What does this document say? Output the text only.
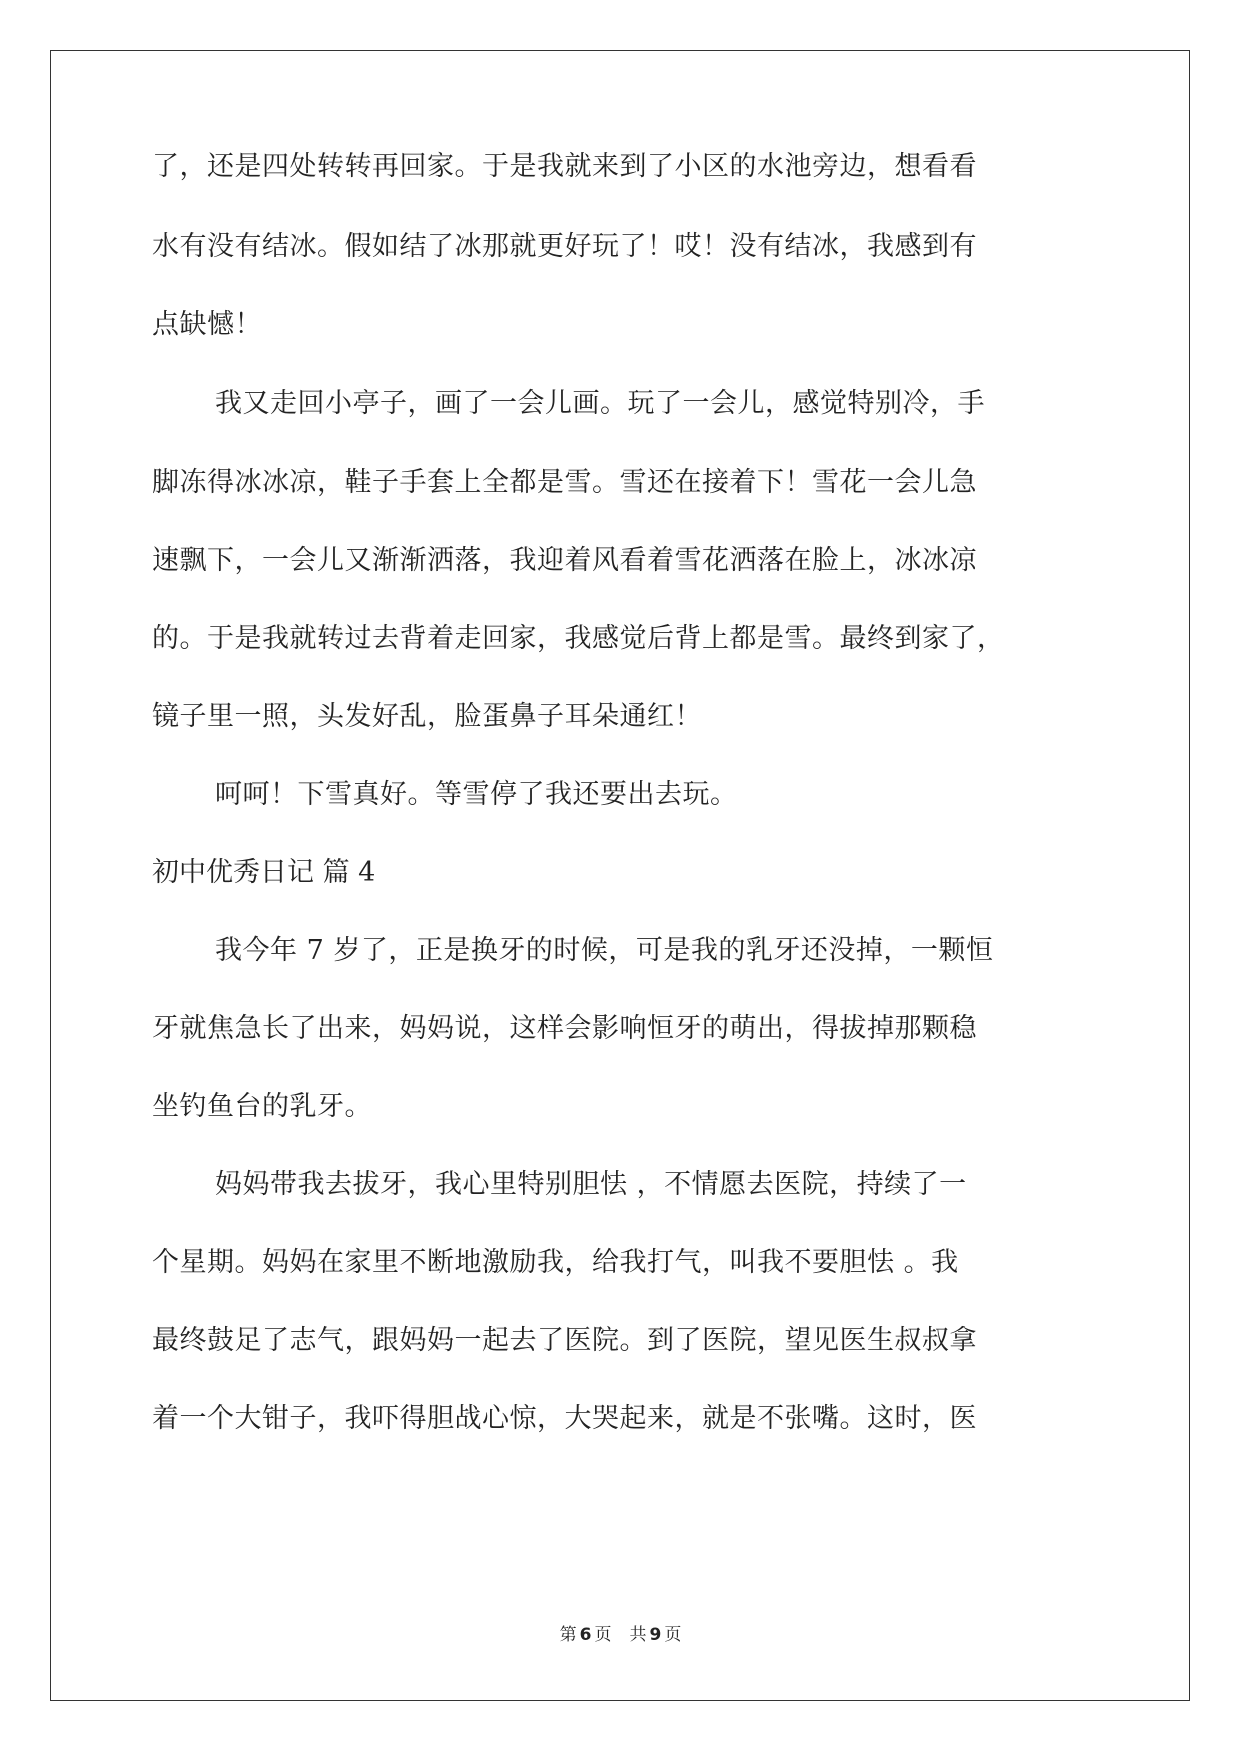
了，还是四处转转再回家。于是我就来到了小区的水池旁边，想看看
水有没有结冰。假如结了冰那就更好玩了！哎！没有结冰，我感到有
点缺憾！
我又走回小亭子，画了一会儿画。玩了一会儿，感觉特别冷，手
脚冻得冰冰凉，鞋子手套上全都是雪。雪还在接着下！雪花一会儿急
速飘下，一会儿又渐渐洒落，我迎着风看着雪花洒落在脸上，冰冰凉
的。于是我就转过去背着走回家，我感觉后背上都是雪。最终到家了，
镜子里一照，头发好乱，脸蛋鼻子耳朵通红！
呵呵！下雪真好。等雪停了我还要出去玩。
初中优秀日记 篇 4
我今年 7 岁了，正是换牙的时候，可是我的乳牙还没掉，一颗恒
牙就焦急长了出来，妈妈说，这样会影响恒牙的萌出，得拔掉那颗稳
坐钓鱼台的乳牙。
妈妈带我去拔牙，我心里特别胆怯 ，不情愿去医院，持续了一
个星期。妈妈在家里不断地激励我，给我打气，叫我不要胆怯 。我
最终鼓足了志气，跟妈妈一起去了医院。到了医院，望见医生叔叔拿
着一个大钳子，我吓得胆战心惊，大哭起来，就是不张嘴。这时，医
第 6 页 共 9 页
